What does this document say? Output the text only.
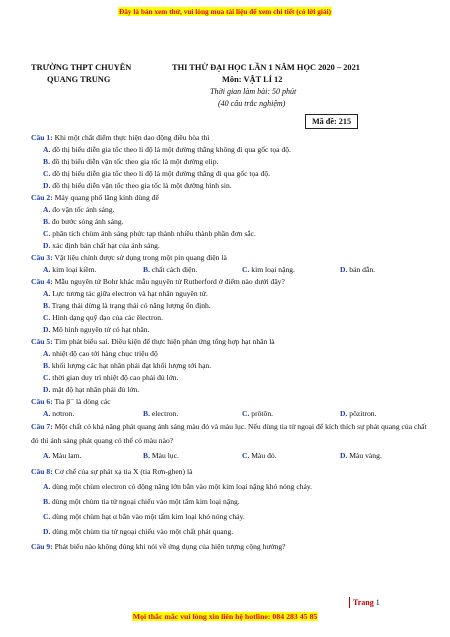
Đây là bản xem thử, vui lòng mua tài liệu để xem chi tiết (có lời giải)
TRƯỜNG THPT CHUYÊN
QUANG TRUNG
THI THỬ ĐẠI HỌC LẦN 1 NĂM HỌC 2020 – 2021
Môn: VẬT LÍ 12
Thời gian làm bài: 50 phút
(40 câu trắc nghiệm)
Mã đề: 215
Câu 1: Khi một chất điểm thực hiện dao động điều hòa thì
A. đồ thị biểu diễn gia tốc theo li độ là một đường thẳng không đi qua gốc tọa độ.
B. đồ thị biểu diễn vận tốc theo gia tốc là một đường elip.
C. đồ thị biểu diễn gia tốc theo li độ là một đường thẳng đi qua gốc tọa độ.
D. đồ thị biểu diễn vận tốc theo gia tốc là một đường hình sin.
Câu 2: Máy quang phổ lăng kính dùng để
A. đo vận tốc ánh sáng.
B. đo bước sóng ánh sáng.
C. phân tích chùm ánh sáng phức tạp thành nhiều thành phần đơn sắc.
D. xác định bản chất hạt của ánh sáng.
Câu 3: Vật liệu chính được sử dụng trong một pin quang điện là
A. kim loại kiềm.	B. chất cách điện.	C. kim loại nặng.	D. bán dẫn.
Câu 4: Mẫu nguyên tử Bohr khác mẫu nguyên tử Rutherford ở điểm nào dưới đây?
A. Lực tương tác giữa electron và hạt nhân nguyên tử.
B. Trạng thái dừng là trạng thái có năng lượng ổn định.
C. Hình dạng quỹ đạo của các êlectron.
D. Mô hình nguyên tử có hạt nhân.
Câu 5: Tìm phát biểu sai. Điều kiện để thực hiện phản ứng tổng hợp hạt nhân là
A. nhiệt độ cao tới hàng chục triệu độ
B. khối lượng các hạt nhân phải đạt khối lượng tới hạn.
C. thời gian duy trì nhiệt độ cao phải đủ lớn.
D. mật độ hạt nhân phải đủ lớn.
Câu 6: Tia β⁻ là dòng các
A. nơtron.	B. electron.	C. prôtôn.	D. pôzitron.
Câu 7: Một chất có khả năng phát quang ánh sáng màu đỏ và màu lục. Nếu dùng tia tử ngoại để kích thích sự phát quang của chất đó thì ánh sáng phát quang có thể có màu nào?
A. Màu lam.	B. Màu lục.	C. Màu đỏ.	D. Màu vàng.
Câu 8: Cơ chế của sự phát xạ tia X (tia Rơn-ghen) là
A. dùng một chùm electron có động năng lớn bắn vào một kim loại nặng khó nóng chảy.
B. dùng một chùm tia tử ngoại chiếu vào một tấm kim loại nặng.
C. dùng một chùm hạt α bắn vào một tấm kim loại khó nóng chảy.
D. dùng một chùm tia tử ngoại chiếu vào một chất phát quang.
Câu 9: Phát biểu nào không đúng khi nói về ứng dụng của hiện tượng cộng hưởng?
Trang 1
Mọi thắc mắc vui lòng xin liên hệ hotline: 084 283 45 85
